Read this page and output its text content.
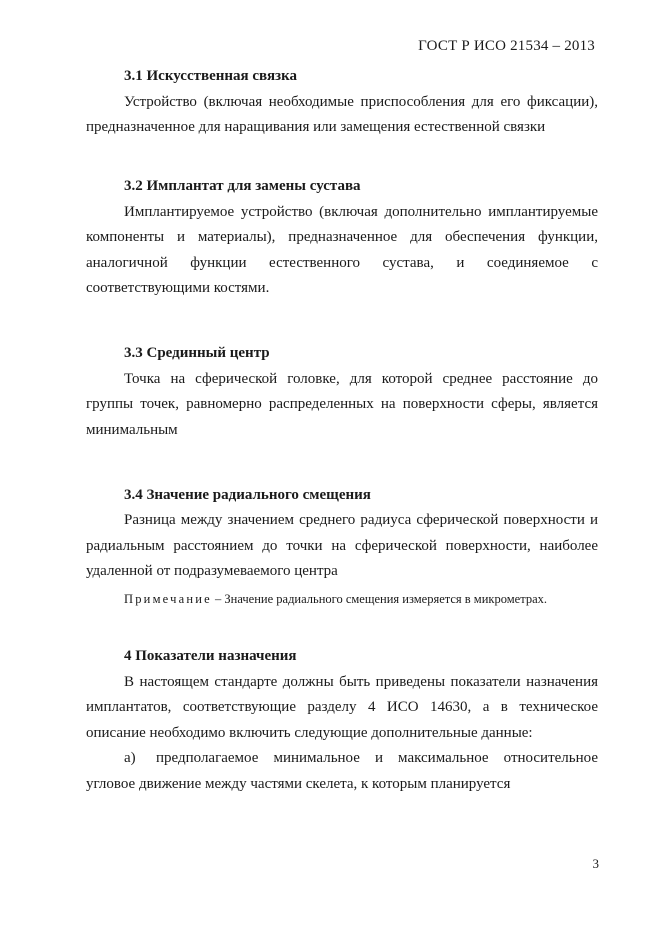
ГОСТ Р ИСО 21534 – 2013
3.1 Искусственная связка

Устройство (включая необходимые приспособления для его фиксации), предназначенное для наращивания или замещения естественной связки

3.2 Имплантат для замены сустава

Имплантируемое устройство (включая дополнительно имплантируемые компоненты и материалы), предназначенное для обеспечения функции, аналогичной функции естественного сустава, и соединяемое с соответствующими костями.

3.3 Срединный центр

Точка на сферической головке, для которой среднее расстояние до группы точек, равномерно распределенных на поверхности сферы, является минимальным

3.4 Значение радиального смещения

Разница между значением среднего радиуса сферической поверхности и радиальным расстоянием до точки на сферической поверхности, наиболее удаленной от подразумеваемого центра

Примечание – Значение радиального смещения измеряется в микрометрах.

4 Показатели назначения

В настоящем стандарте должны быть приведены показатели назначения имплантатов, соответствующие разделу 4 ИСО 14630, а в техническое описание необходимо включить следующие дополнительные данные:

а) предполагаемое минимальное и максимальное относительное угловое движение между частями скелета, к которым планируется

3
